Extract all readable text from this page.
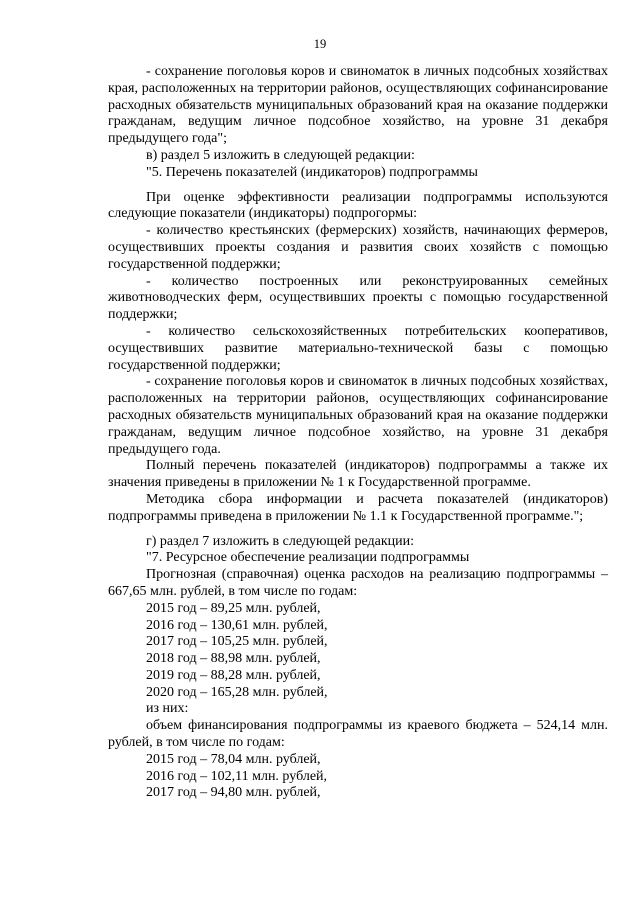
19

- сохранение поголовья коров и свиноматок в личных подсобных хозяйствах края, расположенных на территории районов, осуществляющих софинансирование расходных обязательств муниципальных образований края на оказание поддержки гражданам, ведущим личное подсобное хозяйство, на уровне 31 декабря предыдущего года";

в) раздел 5 изложить в следующей редакции:

"5. Перечень показателей (индикаторов) подпрограммы

При оценке эффективности реализации подпрограммы используются следующие показатели (индикаторы) подпрогормы:

- количество крестьянских (фермерских) хозяйств, начинающих фермеров, осуществивших проекты создания и развития своих хозяйств с помощью государственной поддержки;

- количество построенных или реконструированных семейных животноводческих ферм, осуществивших проекты с помощью государственной поддержки;

- количество сельскохозяйственных потребительских кооперативов, осуществивших развитие материально-технической базы с помощью государственной поддержки;

- сохранение поголовья коров и свиноматок в личных подсобных хозяйствах, расположенных на территории районов, осуществляющих софинансирование расходных обязательств муниципальных образований края на оказание поддержки гражданам, ведущим личное подсобное хозяйство, на уровне 31 декабря предыдущего года.

Полный перечень показателей (индикаторов) подпрограммы а также их значения приведены в приложении № 1 к Государственной программе.

Методика сбора информации и расчета показателей (индикаторов) подпрограммы приведена в приложении № 1.1 к Государственной программе.";

г) раздел 7 изложить в следующей редакции:

"7. Ресурсное обеспечение реализации подпрограммы

Прогнозная (справочная) оценка расходов на реализацию подпрограммы – 667,65 млн. рублей, в том числе по годам:

2015 год – 89,25 млн. рублей,

2016 год – 130,61 млн. рублей,

2017 год – 105,25 млн. рублей,

2018 год – 88,98 млн. рублей,

2019 год – 88,28 млн. рублей,

2020 год – 165,28 млн. рублей,

из них:

объем финансирования подпрограммы из краевого бюджета – 524,14 млн. рублей, в том числе по годам:

2015 год – 78,04 млн. рублей,

2016 год – 102,11 млн. рублей,

2017 год – 94,80 млн. рублей,
